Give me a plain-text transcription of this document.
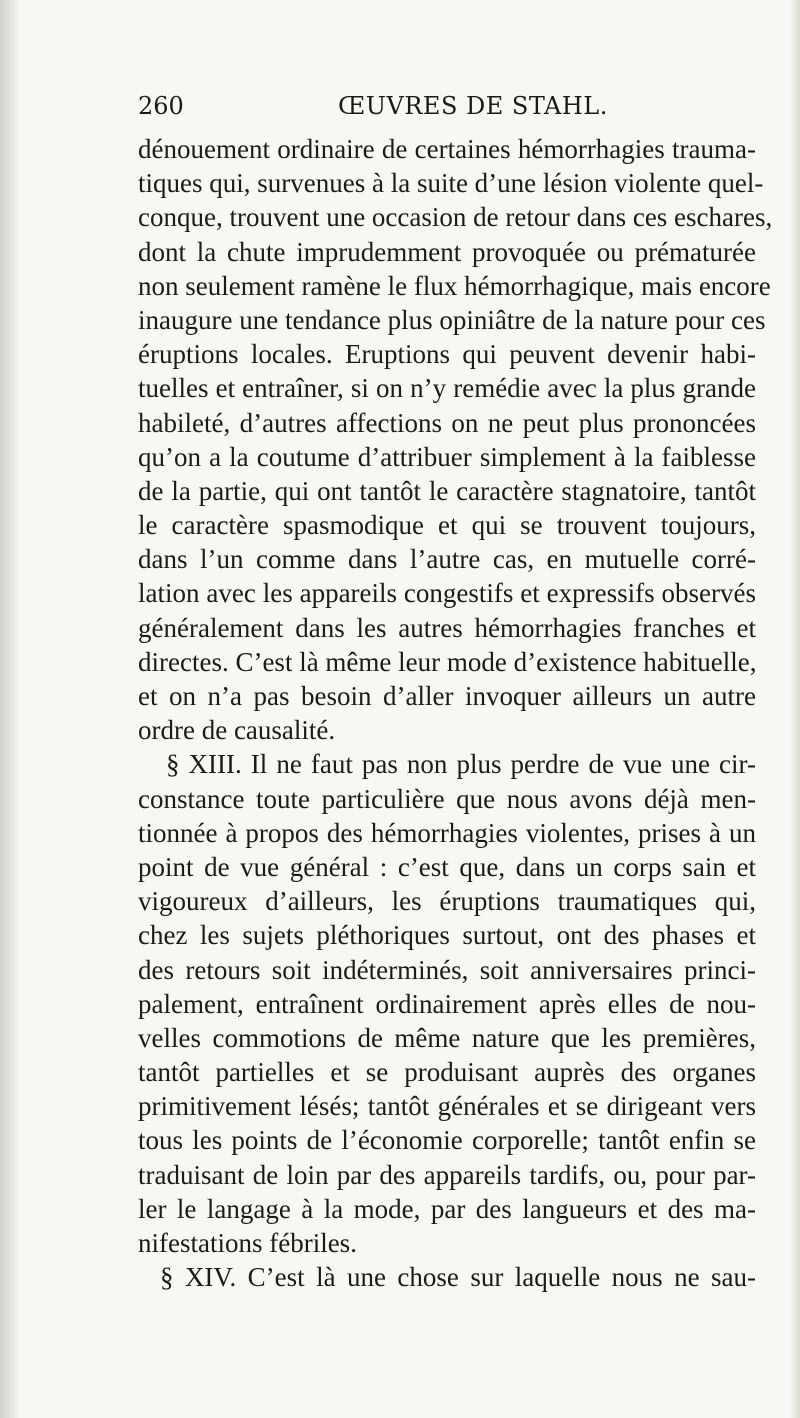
260	ŒUVRES DE STAHL.
dénouement ordinaire de certaines hémorrhagies trauma-
tiques qui, survenues à la suite d’une lésion violente quel-
conque, trouvent une occasion de retour dans ces eschares,
dont la chute imprudemment provoquée ou prématurée
non seulement ramène le flux hémorrhagique, mais encore
inaugure une tendance plus opiniâtre de la nature pour ces
éruptions locales. Eruptions qui peuvent devenir habi-
tuelles et entraîner, si on n’y remédie avec la plus grande
habileté, d’autres affections on ne peut plus prononcées
qu’on a la coutume d’attribuer simplement à la faiblesse
de la partie, qui ont tantôt le caractère stagnatoire, tantôt
le caractère spasmodique et qui se trouvent toujours,
dans l’un comme dans l’autre cas, en mutuelle corré-
lation avec les appareils congestifs et expressifs observés
généralement dans les autres hémorrhagies franches et
directes. C’est là même leur mode d’existence habituelle,
et on n’a pas besoin d’aller invoquer ailleurs un autre
ordre de causalité.
§ XIII. Il ne faut pas non plus perdre de vue une cir-
constance toute particulière que nous avons déjà men-
tionnée à propos des hémorrhagies violentes, prises à un
point de vue général : c’est que, dans un corps sain et
vigoureux d’ailleurs, les éruptions traumatiques qui,
chez les sujets pléthoriques surtout, ont des phases et
des retours soit indéterminés, soit anniversaires princi-
palement, entraînent ordinairement après elles de nou-
velles commotions de même nature que les premières,
tantôt partielles et se produisant auprès des organes
primitivement lésés; tantôt générales et se dirigeant vers
tous les points de l’économie corporelle; tantôt enfin se
traduisant de loin par des appareils tardifs, ou, pour par-
ler le langage à la mode, par des langueurs et des ma-
nifestations fébriles.
§ XIV. C’est là une chose sur laquelle nous ne sau-
